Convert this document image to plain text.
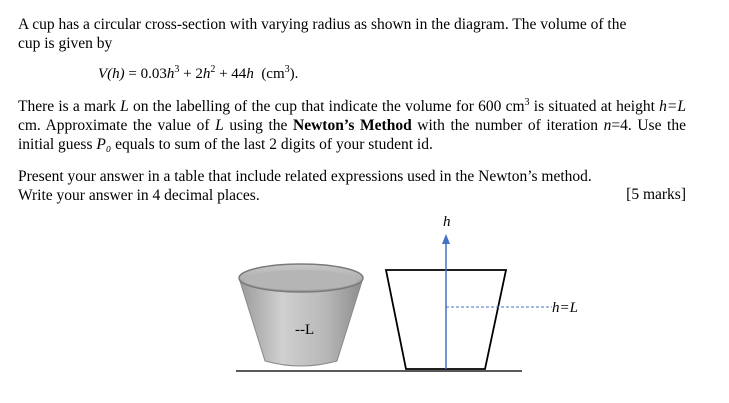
A cup has a circular cross-section with varying radius as shown in the diagram. The volume of the
cup is given by
$V(h) = 0.03h^3 + 2h^2 + 44h$  $(cm^3)$.
There is a mark L on the labelling of the cup that indicate the volume for 600 $cm^3$ is situated at height h=L cm. Approximate the value of L using the Newton’s Method with the number of iteration n=4. Use the initial guess P₀ equals to sum of the last 2 digits of your student id.
Present your answer in a table that include related expressions used in the Newton’s method.
Write your answer in 4 decimal places.	[5 marks]
--L
h
h=L
